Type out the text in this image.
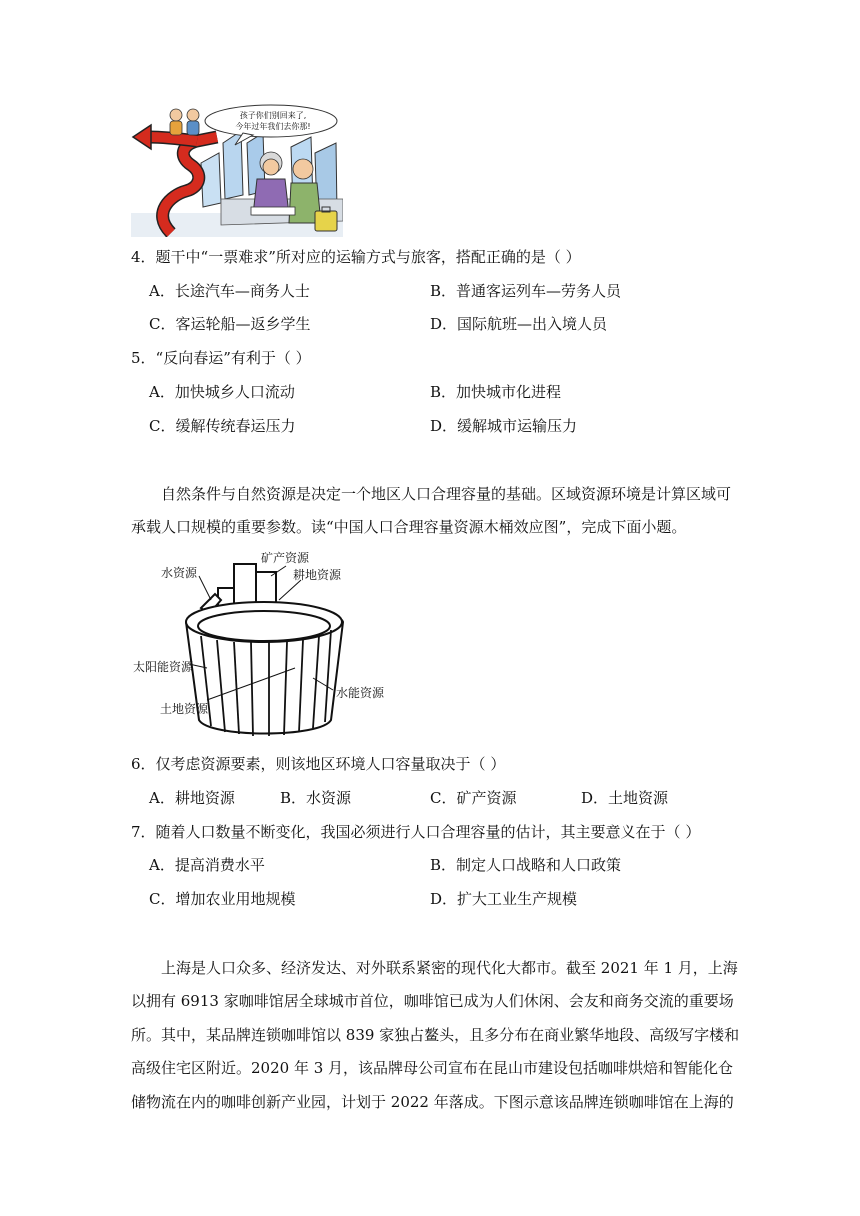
孩子你们别回来了,
今年过年我们去你那!
4．题干中“一票难求”所对应的运输方式与旅客，搭配正确的是（ ）
A．长途汽车—商务人士	B．普通客运列车—劳务人员
C．客运轮船—返乡学生	D．国际航班—出入境人员
5．“反向春运”有利于（ ）
A．加快城乡人口流动	B．加快城市化进程
C．缓解传统春运压力	D．缓解城市运输压力
自然条件与自然资源是决定一个地区人口合理容量的基础。区域资源环境是计算区域可
承载人口规模的重要参数。读“中国人口合理容量资源木桶效应图”，完成下面小题。
水资源
矿产资源
耕地资源
太阳能资源
土地资源
水能资源
6．仅考虑资源要素，则该地区环境人口容量取决于（ ）
A．耕地资源	B．水资源	C．矿产资源	D．土地资源
7．随着人口数量不断变化，我国必须进行人口合理容量的估计，其主要意义在于（ ）
A．提高消费水平	B．制定人口战略和人口政策
C．增加农业用地规模	D．扩大工业生产规模
上海是人口众多、经济发达、对外联系紧密的现代化大都市。截至 2021 年 1 月，上海
以拥有 6913 家咖啡馆居全球城市首位，咖啡馆已成为人们休闲、会友和商务交流的重要场
所。其中，某品牌连锁咖啡馆以 839 家独占鳌头，且多分布在商业繁华地段、高级写字楼和
高级住宅区附近。2020 年 3 月，该品牌母公司宣布在昆山市建设包括咖啡烘焙和智能化仓
储物流在内的咖啡创新产业园，计划于 2022 年落成。下图示意该品牌连锁咖啡馆在上海的
